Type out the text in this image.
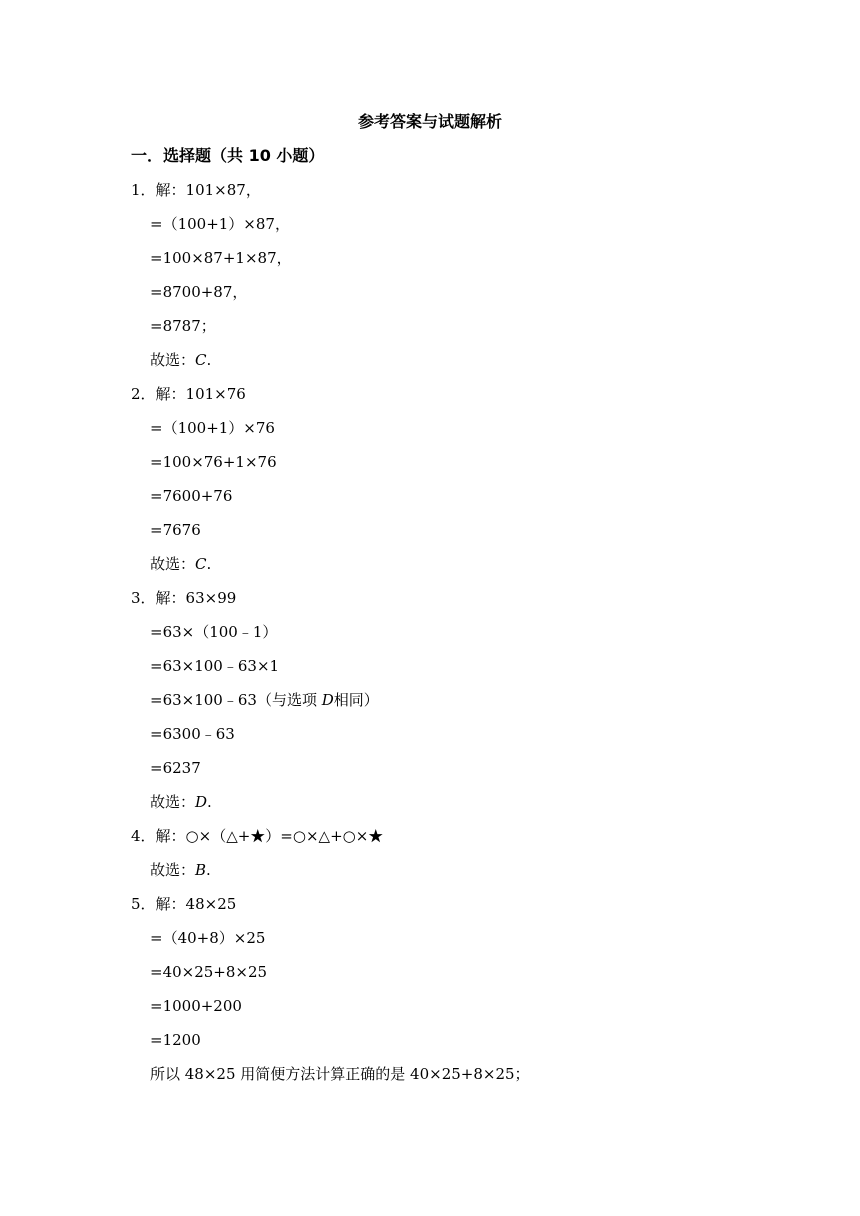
参考答案与试题解析
一．选择题（共 10 小题）
1．解：101×87，
=（100+1）×87，
=100×87+1×87，
=8700+87，
=8787；
故选：C.
2．解：101×76
=（100+1）×76
=100×76+1×76
=7600+76
=7676
故选：C.
3．解：63×99
=63×（100﹣1）
=63×100﹣63×1
=63×100﹣63（与选项 D相同）
=6300﹣63
=6237
故选：D.
4．解：○×（△+★）=○×△+○×★
故选：B.
5．解：48×25
=（40+8）×25
=40×25+8×25
=1000+200
=1200
所以 48×25 用简便方法计算正确的是 40×25+8×25；
